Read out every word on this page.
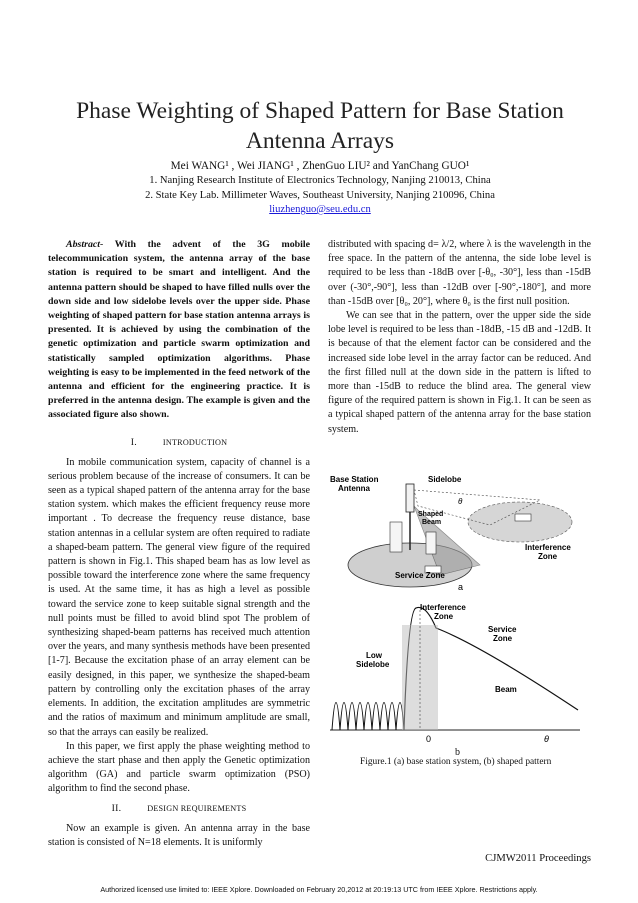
Phase Weighting of Shaped Pattern for Base Station
Antenna Arrays
Mei WANG¹ , Wei JIANG¹ , ZhenGuo LIU² and YanChang GUO¹
1. Nanjing Research Institute of Electronics Technology, Nanjing 210013, China
2. State Key Lab. Millimeter Waves, Southeast University, Nanjing 210096, China
liuzhenguo@seu.edu.cn

Abstract- With the advent of the 3G mobile telecommunication system, the antenna array of the base station is required to be smart and intelligent. And the antenna pattern should be shaped to have filled nulls over the down side and low sidelobe levels over the upper side. Phase weighting of shaped pattern for base station antenna arrays is presented. It is achieved by using the combination of the genetic optimization and particle swarm optimization and statistically sampled optimization algorithms. Phase weighting is easy to be implemented in the feed network of the antenna and efficient for the engineering practice. It is preferred in the antenna design. The example is given and the associated figure also shown.

I.	INTRODUCTION

In mobile communication system, capacity of channel is a serious problem because of the increase of consumers. It can be seen as a typical shaped pattern of the antenna array for the base station system. which makes the efficient frequency reuse more important . To decrease the frequency reuse distance, base station antennas in a cellular system are often required to radiate a shaped-beam pattern. The general view figure of the required pattern is shown in Fig.1. This shaped beam has as low level as possible toward the interference zone where the same frequency is used. At the same time, it has as high a level as possible toward the service zone to keep suitable signal strength and the null points must be filled to avoid blind spot The problem of synthesizing shaped-beam patterns has received much attention over the years, and many synthesis methods have been presented [1-7]. Because the excitation phase of an array element can be easily designed, in this paper, we synthesize the shaped-beam pattern by controlling only the excitation phases of the array elements. In addition, the excitation amplitudes are symmetric and the ratios of maximum and minimum amplitude are small, so that the arrays can easily be realized.

In this paper, we first apply the phase weighting method to achieve the start phase and then apply the Genetic optimization algorithm (GA) and particle swarm optimization (PSO) algorithm to find the second phase.

II.	DESIGN REQUIREMENTS

Now an example is given. An antenna array in the base station is consisted of N=18 elements. It is uniformly

distributed with spacing d= λ/2, where λ is the wavelength in the free space. In the pattern of the antenna, the side lobe level is required to be less than -18dB over [-θ₀, -30°], less than -15dB over (-30°,-90°], less than -12dB over [-90°,-180°], and more than -15dB over [θ₀, 20°], where θ₀ is the first null position.

We can see that in the pattern, over the upper side the side lobe level is required to be less than -18dB, -15 dB and -12dB. It is because of that the element factor can be considered and the increased side lobe level in the array factor can be reduced. And the first filled null at the down side in the pattern is lifted to more than -15dB to reduce the blind area. The general view figure of the required pattern is shown in Fig.1. It can be seen as a typical shaped pattern of the antenna array for the base station system.

Base Station
Antenna
Sidelobe
θ
Shaped
Beam
Interference
Zone
Service Zone
a
Interference
Zone
Service
Zone
Low
Sidelobe
Beam
0	θ
b
Figure.1 (a) base station system, (b) shaped pattern
CJMW2011 Proceedings
Authorized licensed use limited to: IEEE Xplore. Downloaded on February 20,2012 at 20:19:13 UTC from IEEE Xplore. Restrictions apply.
